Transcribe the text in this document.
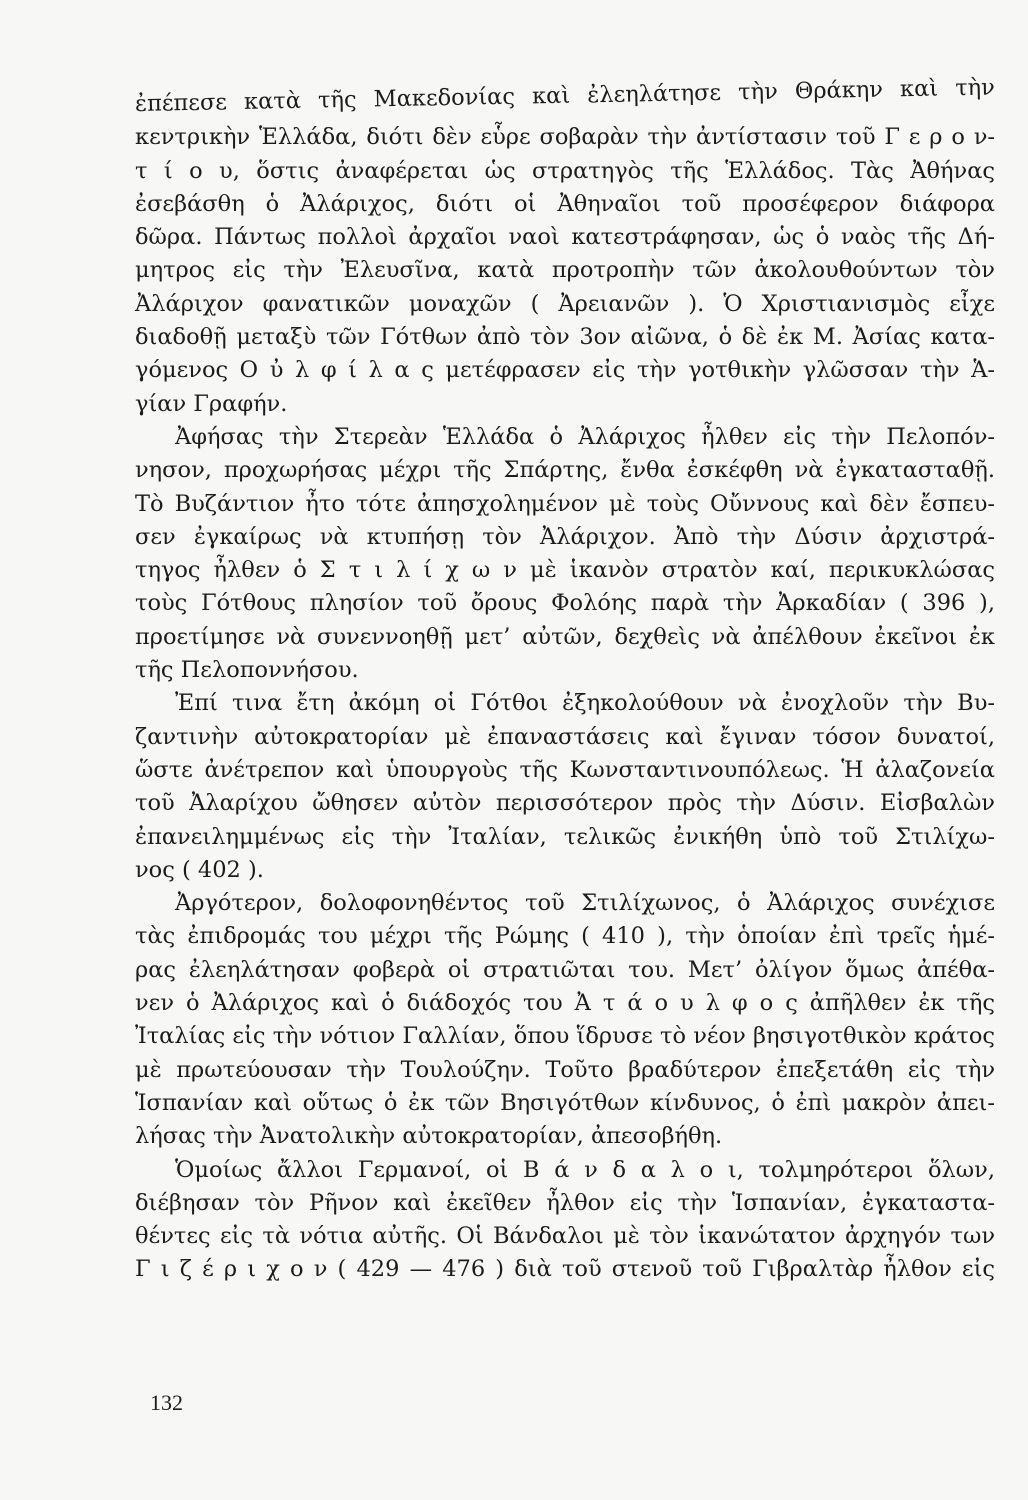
ἐπέπεσε κατὰ τῆς Μακεδονίας καὶ ἐλεηλάτησε τὴν Θράκην καὶ τὴν
κεντρικὴν Ἑλλάδα, διότι δὲν εὗρε σοβαρὰν τὴν ἀντίστασιν τοῦ Γ ε ρ ο ν-
τ ί ο υ, ὅστις ἀναφέρεται ὡς στρατηγὸς τῆς Ἑλλάδος. Τὰς Ἀθήνας
ἐσεβάσθη ὁ Ἀλάριχος, διότι οἱ Ἀθηναῖοι τοῦ προσέφερον διάφορα
δῶρα. Πάντως πολλοὶ ἀρχαῖοι ναοὶ κατεστράφησαν, ὡς ὁ ναὸς τῆς Δή-
μητρος εἰς τὴν Ἐλευσῖνα, κατὰ προτροπὴν τῶν ἀκολουθούντων τὸν
Ἀλάριχον φανατικῶν μοναχῶν ( Ἀρειανῶν ). Ὁ Χριστιανισμὸς εἶχε
διαδοθῇ μεταξὺ τῶν Γότθων ἀπὸ τὸν 3ον αἰῶνα, ὁ δὲ ἐκ Μ. Ἀσίας κατα-
γόμενος Ο ὐ λ φ ί λ α ς μετέφρασεν εἰς τὴν γοτθικὴν γλῶσσαν τὴν Ἁ-
γίαν Γραφήν.
Ἀφήσας τὴν Στερεὰν Ἑλλάδα ὁ Ἀλάριχος ἦλθεν εἰς τὴν Πελοπόν-
νησον, προχωρήσας μέχρι τῆς Σπάρτης, ἔνθα ἐσκέφθη νὰ ἐγκατασταθῇ.
Τὸ Βυζάντιον ἦτο τότε ἀπησχολημένον μὲ τοὺς Οὔννους καὶ δὲν ἔσπευ-
σεν ἐγκαίρως νὰ κτυπήσῃ τὸν Ἀλάριχον. Ἀπὸ τὴν Δύσιν ἀρχιστρά-
τηγος ἦλθεν ὁ Σ τ ι λ ί χ ω ν μὲ ἱκανὸν στρατὸν καί, περικυκλώσας
τοὺς Γότθους πλησίον τοῦ ὄρους Φολόης παρὰ τὴν Ἀρκαδίαν ( 396 ),
προετίμησε νὰ συνεννοηθῇ μετ’ αὐτῶν, δεχθεὶς νὰ ἀπέλθουν ἐκεῖνοι ἐκ
τῆς Πελοποννήσου.
Ἐπί τινα ἔτη ἀκόμη οἱ Γότθοι ἐξηκολούθουν νὰ ἐνοχλοῦν τὴν Βυ-
ζαντινὴν αὐτοκρατορίαν μὲ ἐπαναστάσεις καὶ ἔγιναν τόσον δυνατοί,
ὥστε ἀνέτρεπον καὶ ὑπουργοὺς τῆς Κωνσταντινουπόλεως. Ἡ ἀλαζονεία
τοῦ Ἀλαρίχου ὤθησεν αὐτὸν περισσότερον πρὸς τὴν Δύσιν. Εἰσβαλὼν
ἐπανειλημμένως εἰς τὴν Ἰταλίαν, τελικῶς ἐνικήθη ὑπὸ τοῦ Στιλίχω-
νος ( 402 ).
Ἀργότερον, δολοφονηθέντος τοῦ Στιλίχωνος, ὁ Ἀλάριχος συνέχισε
τὰς ἐπιδρομάς του μέχρι τῆς Ρώμης ( 410 ), τὴν ὁποίαν ἐπὶ τρεῖς ἡμέ-
ρας ἐλεηλάτησαν φοβερὰ οἱ στρατιῶται του. Μετ’ ὀλίγον ὅμως ἀπέθα-
νεν ὁ Ἀλάριχος καὶ ὁ διάδοχός του Ἀ τ ά ο υ λ φ ο ς ἀπῆλθεν ἐκ τῆς
Ἰταλίας εἰς τὴν νότιον Γαλλίαν, ὅπου ἵδρυσε τὸ νέον βησιγοτθικὸν κράτος
μὲ πρωτεύουσαν τὴν Τουλούζην. Τοῦτο βραδύτερον ἐπεξετάθη εἰς τὴν
Ἱσπανίαν καὶ οὕτως ὁ ἐκ τῶν Βησιγότθων κίνδυνος, ὁ ἐπὶ μακρὸν ἀπει-
λήσας τὴν Ἀνατολικὴν αὐτοκρατορίαν, ἀπεσοβήθη.
Ὁμοίως ἄλλοι Γερμανοί, οἱ Β ά ν δ α λ ο ι, τολμηρότεροι ὅλων,
διέβησαν τὸν Ρῆνον καὶ ἐκεῖθεν ἦλθον εἰς τὴν Ἱσπανίαν, ἐγκαταστα-
θέντες εἰς τὰ νότια αὐτῆς. Οἱ Βάνδαλοι μὲ τὸν ἱκανώτατον ἀρχηγόν των
Γ ι ζ έ ρ ι χ ο ν ( 429 — 476 ) διὰ τοῦ στενοῦ τοῦ Γιβραλτὰρ ἦλθον εἰς
132
